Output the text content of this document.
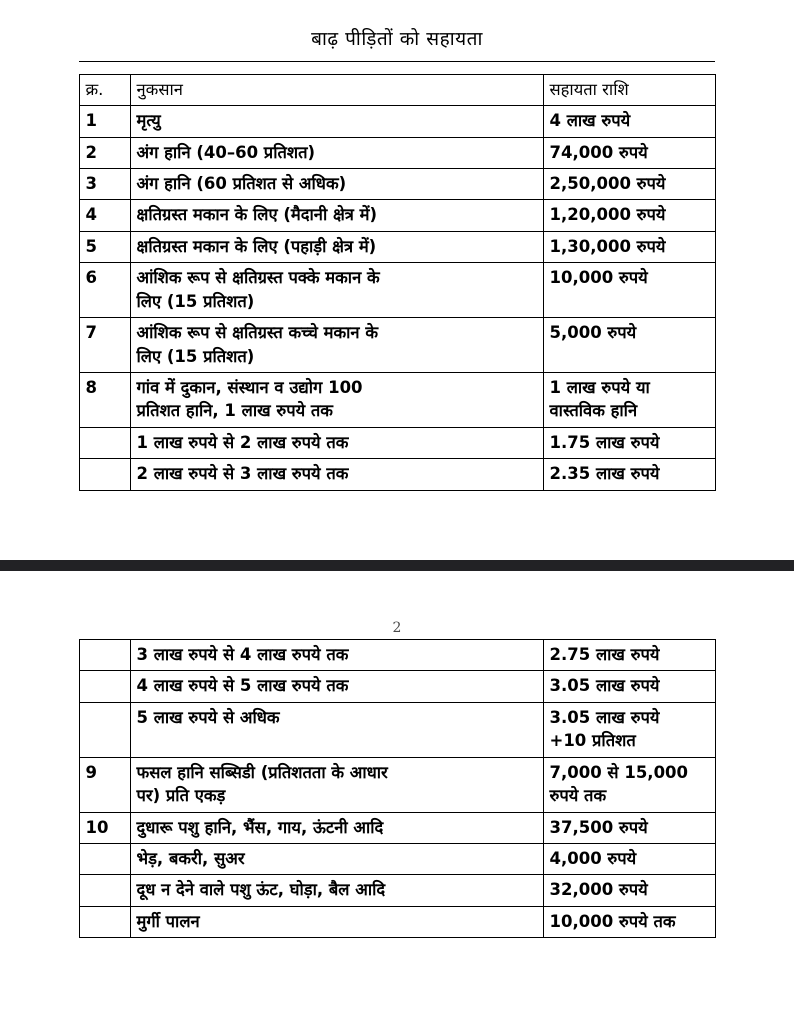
बाढ़ पीड़ितों को सहायता
क्र.	नुकसान	सहायता राशि
1	मृत्यु	4 लाख रुपये
2	अंग हानि (40–60 प्रतिशत)	74,000 रुपये
3	अंग हानि (60 प्रतिशत से अधिक)	2,50,000 रुपये
4	क्षतिग्रस्त मकान के लिए (मैदानी क्षेत्र में)	1,20,000 रुपये
5	क्षतिग्रस्त मकान के लिए (पहाड़ी क्षेत्र में)	1,30,000 रुपये
6	आंशिक रूप से क्षतिग्रस्त पक्के मकान के
लिए (15 प्रतिशत)	10,000 रुपये
7	आंशिक रूप से क्षतिग्रस्त कच्चे मकान के
लिए (15 प्रतिशत)	5,000 रुपये
8	गांव में दुकान, संस्थान व उद्योग 100
प्रतिशत हानि, 1 लाख रुपये तक	1 लाख रुपये या
वास्तविक हानि

	1 लाख रुपये से 2 लाख रुपये तक	1.75 लाख रुपये
	2 लाख रुपये से 3 लाख रुपये तक	2.35 लाख रुपये
2
	3 लाख रुपये से 4 लाख रुपये तक	2.75 लाख रुपये
	4 लाख रुपये से 5 लाख रुपये तक	3.05 लाख रुपये
	5 लाख रुपये से अधिक	3.05 लाख रुपये
+10 प्रतिशत

9	फसल हानि सब्सिडी (प्रतिशतता के आधार
पर) प्रति एकड़	7,000 से 15,000
रुपये तक

10	दुधारू पशु हानि, भैंस, गाय, ऊंटनी आदि	37,500 रुपये
	भेड़, बकरी, सुअर	4,000 रुपये
	दूध न देने वाले पशु ऊंट, घोड़ा, बैल आदि	32,000 रुपये
	मुर्गी पालन	10,000 रुपये तक
